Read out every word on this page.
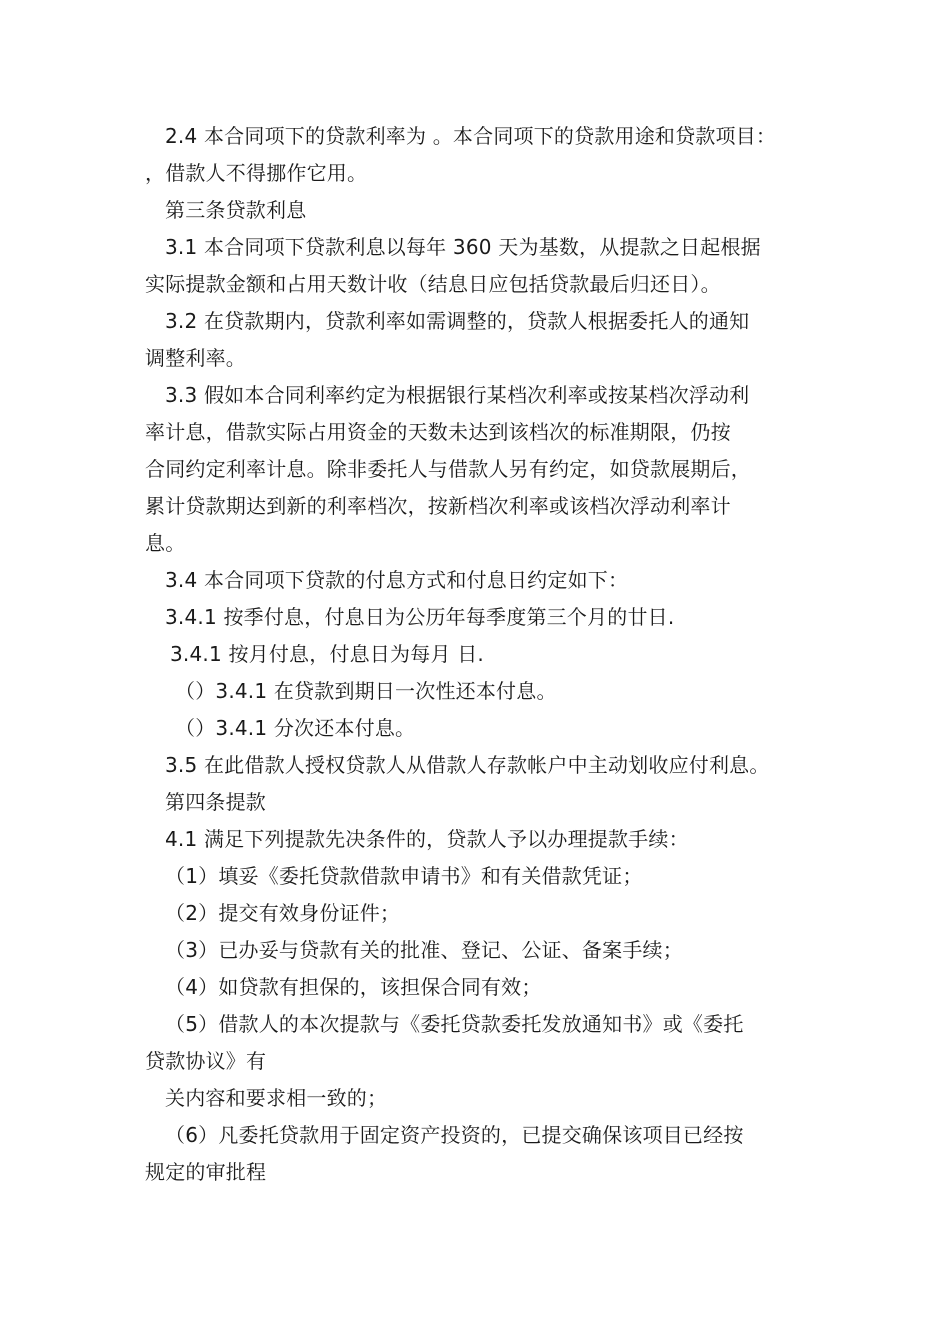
2.4 本合同项下的贷款利率为 。本合同项下的贷款用途和贷款项目：

，借款人不得挪作它用。

第三条贷款利息

3.1 本合同项下贷款利息以每年 360 天为基数，从提款之日起根据

实际提款金额和占用天数计收（结息日应包括贷款最后归还日）。

3.2 在贷款期内，贷款利率如需调整的，贷款人根据委托人的通知

调整利率。

3.3 假如本合同利率约定为根据银行某档次利率或按某档次浮动利

率计息，借款实际占用资金的天数未达到该档次的标准期限，仍按

合同约定利率计息。除非委托人与借款人另有约定，如贷款展期后，

累计贷款期达到新的利率档次，按新档次利率或该档次浮动利率计

息。

3.4 本合同项下贷款的付息方式和付息日约定如下：

3.4.1 按季付息，付息日为公历年每季度第三个月的廿日.

3.4.1 按月付息，付息日为每月 日.

（）3.4.1 在贷款到期日一次性还本付息。

（）3.4.1 分次还本付息。

3.5 在此借款人授权贷款人从借款人存款帐户中主动划收应付利息。

第四条提款

4.1 满足下列提款先决条件的，贷款人予以办理提款手续：

（1）填妥《委托贷款借款申请书》和有关借款凭证；

（2）提交有效身份证件；

（3）已办妥与贷款有关的批准、登记、公证、备案手续；

（4）如贷款有担保的，该担保合同有效；

（5）借款人的本次提款与《委托贷款委托发放通知书》或《委托

贷款协议》有

关内容和要求相一致的；

（6）凡委托贷款用于固定资产投资的，已提交确保该项目已经按

规定的审批程
